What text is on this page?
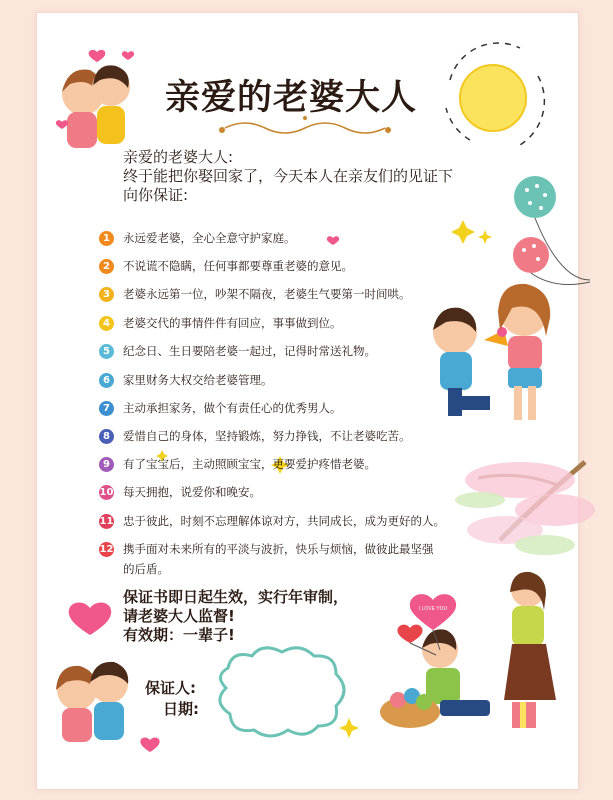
I LOVE YOU
亲爱的老婆大人
亲爱的老婆大人:
终于能把你娶回家了，今天本人在亲友们的见证下
向你保证:
1	永远爱老婆，全心全意守护家庭。
2	不说谎不隐瞒，任何事都要尊重老婆的意见。
3	老婆永远第一位，吵架不隔夜，老婆生气要第一时间哄。
4	老婆交代的事情件件有回应，事事做到位。
5	纪念日、生日要陪老婆一起过，记得时常送礼物。
6	家里财务大权交给老婆管理。
7	主动承担家务，做个有责任心的优秀男人。
8	爱惜自己的身体，坚持锻炼，努力挣钱，不让老婆吃苦。
9	有了宝宝后，主动照顾宝宝，更要爱护疼惜老婆。
10 每天拥抱，说爱你和晚安。
11 忠于彼此，时刻不忘理解体谅对方，共同成长，成为更好的人。
12 携手面对未来所有的平淡与波折，快乐与烦恼，做彼此最坚强的后盾。
保证书即日起生效，实行年审制，
请老婆大人监督!
有效期：一辈子!
保证人:
日期:
